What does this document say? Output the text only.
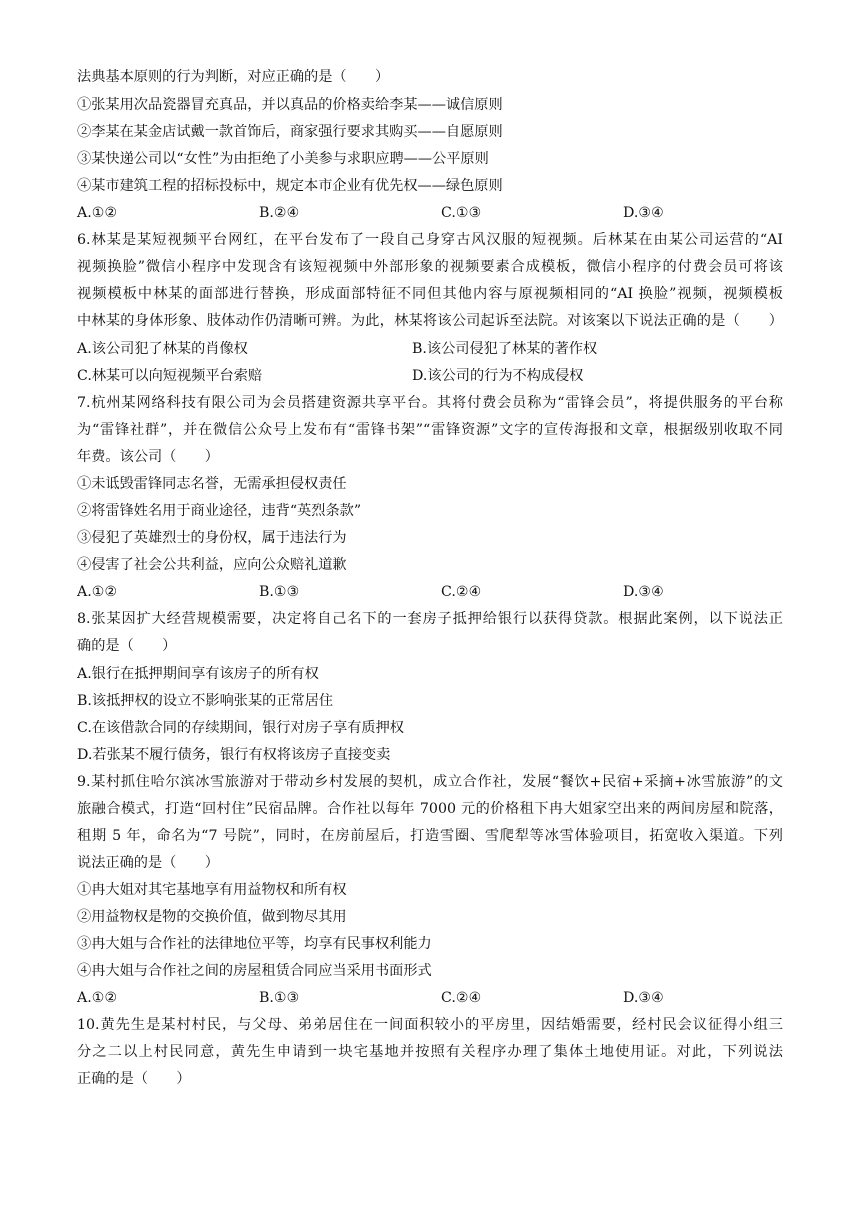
法典基本原则的行为判断，对应正确的是（　　）
①张某用次品瓷器冒充真品，并以真品的价格卖给李某——诚信原则
②李某在某金店试戴一款首饰后，商家强行要求其购买——自愿原则
③某快递公司以“女性”为由拒绝了小美参与求职应聘——公平原则
④某市建筑工程的招标投标中，规定本市企业有优先权——绿色原则
A.①②	B.②④	C.①③	D.③④
6.林某是某短视频平台网红，在平台发布了一段自己身穿古风汉服的短视频。后林某在由某公司运营的“AI
视频换脸”微信小程序中发现含有该短视频中外部形象的视频要素合成模板，微信小程序的付费会员可将该
视频模板中林某的面部进行替换，形成面部特征不同但其他内容与原视频相同的“AI 换脸”视频，视频模板
中林某的身体形象、肢体动作仍清晰可辨。为此，林某将该公司起诉至法院。对该案以下说法正确的是（　　）
A.该公司犯了林某的肖像权	B.该公司侵犯了林某的著作权
C.林某可以向短视频平台索赔	D.该公司的行为不构成侵权
7.杭州某网络科技有限公司为会员搭建资源共享平台。其将付费会员称为“雷锋会员”，将提供服务的平台称
为“雷锋社群”，并在微信公众号上发布有“雷锋书架”“雷锋资源”文字的宣传海报和文章，根据级别收取不同
年费。该公司（　　）
①未诋毁雷锋同志名誉，无需承担侵权责任
②将雷锋姓名用于商业途径，违背“英烈条款”
③侵犯了英雄烈士的身份权，属于违法行为
④侵害了社会公共利益，应向公众赔礼道歉
A.①②	B.①③	C.②④	D.③④
8.张某因扩大经营规模需要，决定将自己名下的一套房子抵押给银行以获得贷款。根据此案例，以下说法正
确的是（　　）
A.银行在抵押期间享有该房子的所有权
B.该抵押权的设立不影响张某的正常居住
C.在该借款合同的存续期间，银行对房子享有质押权
D.若张某不履行债务，银行有权将该房子直接变卖
9.某村抓住哈尔滨冰雪旅游对于带动乡村发展的契机，成立合作社，发展“餐饮+民宿+采摘+冰雪旅游”的文
旅融合模式，打造“回村住”民宿品牌。合作社以每年 7000 元的价格租下冉大姐家空出来的两间房屋和院落，
租期 5 年，命名为“7 号院”，同时，在房前屋后，打造雪圈、雪爬犁等冰雪体验项目，拓宽收入渠道。下列
说法正确的是（　　）
①冉大姐对其宅基地享有用益物权和所有权
②用益物权是物的交换价值，做到物尽其用
③冉大姐与合作社的法律地位平等，均享有民事权利能力
④冉大姐与合作社之间的房屋租赁合同应当采用书面形式
A.①②	B.①③	C.②④	D.③④
10.黄先生是某村村民，与父母、弟弟居住在一间面积较小的平房里，因结婚需要，经村民会议征得小组三
分之二以上村民同意，黄先生申请到一块宅基地并按照有关程序办理了集体土地使用证。对此，下列说法
正确的是（　　）
